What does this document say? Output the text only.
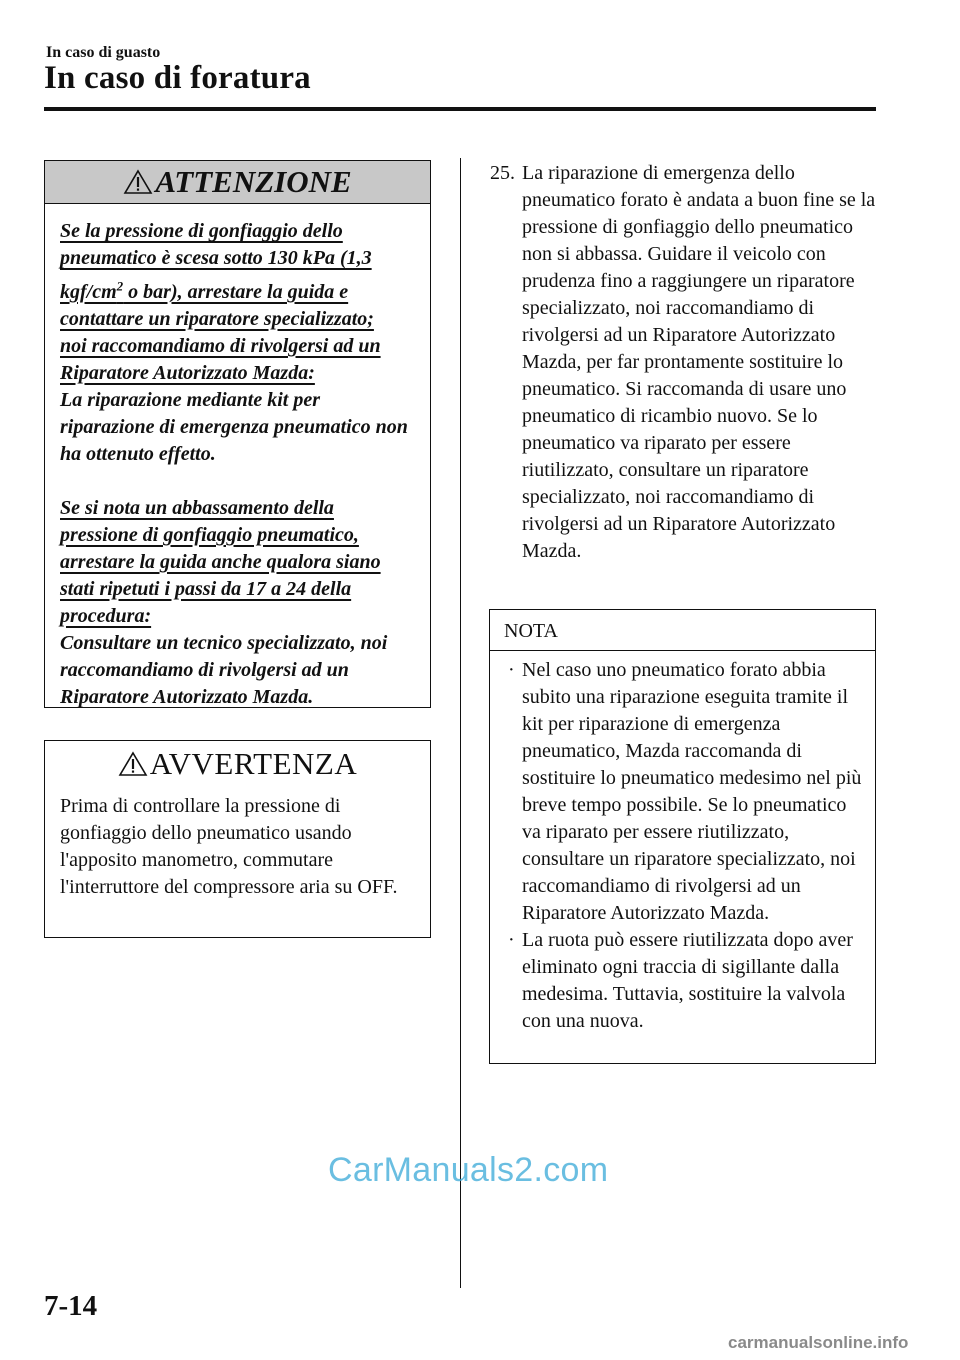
In caso di guasto
In caso di foratura
ATTENZIONE
Se la pressione di gonfiaggio dello
pneumatico è scesa sotto 130 kPa (1,3
kgf/$cm^2$ o bar), arrestare la guida e
contattare un riparatore specializzato;
noi raccomandiamo di rivolgersi ad un
Riparatore Autorizzato Mazda:
La riparazione mediante kit per riparazione di emergenza pneumatico non ha ottenuto effetto.
Se si nota un abbassamento della
pressione di gonfiaggio pneumatico,
arrestare la guida anche qualora siano
stati ripetuti i passi da 17 a 24 della
procedura:
Consultare un tecnico specializzato, noi raccomandiamo di rivolgersi ad un Riparatore Autorizzato Mazda.
AVVERTENZA
Prima di controllare la pressione di gonfiaggio dello pneumatico usando l'apposito manometro, commutare l'interruttore del compressore aria su OFF.
25. La riparazione di emergenza dello pneumatico forato è andata a buon fine se la pressione di gonfiaggio dello pneumatico non si abbassa. Guidare il veicolo con prudenza fino a raggiungere un riparatore specializzato, noi raccomandiamo di rivolgersi ad un Riparatore Autorizzato Mazda, per far prontamente sostituire lo pneumatico. Si raccomanda di usare uno pneumatico di ricambio nuovo. Se lo pneumatico va riparato per essere riutilizzato, consultare un riparatore specializzato, noi raccomandiamo di rivolgersi ad un Riparatore Autorizzato Mazda.
NOTA
· Nel caso uno pneumatico forato abbia subito una riparazione eseguita tramite il kit per riparazione di emergenza pneumatico, Mazda raccomanda di sostituire lo pneumatico medesimo nel più breve tempo possibile. Se lo pneumatico va riparato per essere riutilizzato, consultare un riparatore specializzato, noi raccomandiamo di rivolgersi ad un Riparatore Autorizzato Mazda.
· La ruota può essere riutilizzata dopo aver eliminato ogni traccia di sigillante dalla medesima. Tuttavia, sostituire la valvola con una nuova.
CarManuals2.com
7-14
carmanualsonline.info
